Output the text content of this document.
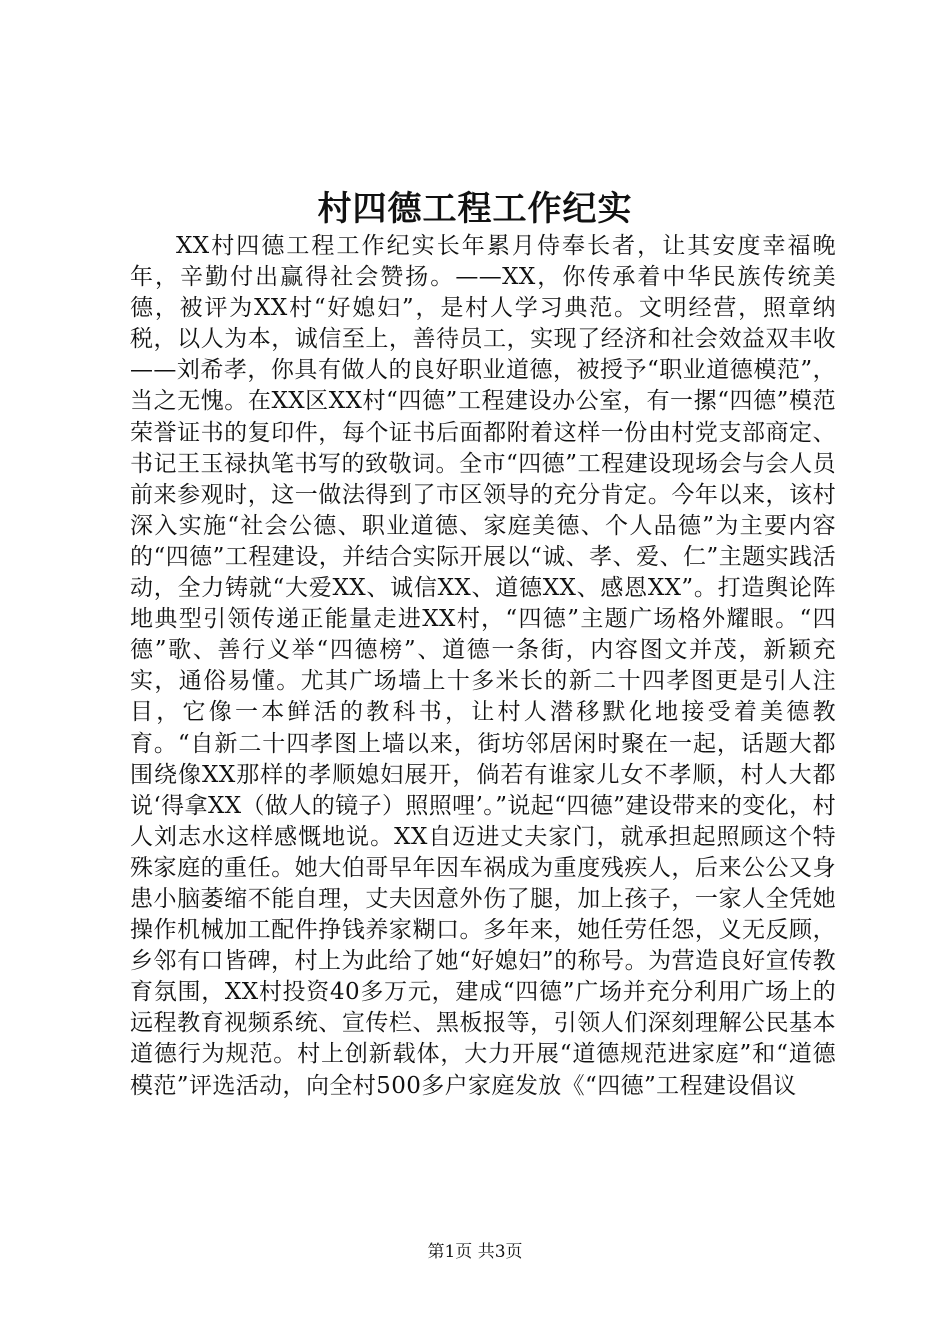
村四德工程工作纪实

XX村四德工程工作纪实长年累月侍奉长者，让其安度幸福晚年，辛勤付出赢得社会赞扬。——XX，你传承着中华民族传统美德，被评为XX村“好媳妇”，是村人学习典范。文明经营，照章纳税，以人为本，诚信至上，善待员工，实现了经济和社会效益双丰收——刘希孝，你具有做人的良好职业道德，被授予“职业道德模范”，当之无愧。在XX区XX村“四德”工程建设办公室，有一摞“四德”模范荣誉证书的复印件，每个证书后面都附着这样一份由村党支部商定、书记王玉禄执笔书写的致敬词。全市“四德”工程建设现场会与会人员前来参观时，这一做法得到了市区领导的充分肯定。今年以来，该村深入实施“社会公德、职业道德、家庭美德、个人品德”为主要内容的“四德”工程建设，并结合实际开展以“诚、孝、爱、仁”主题实践活动，全力铸就“大爱XX、诚信XX、道德XX、感恩XX”。打造舆论阵地典型引领传递正能量走进XX村，“四德”主题广场格外耀眼。“四德”歌、善行义举“四德榜”、道德一条街，内容图文并茂，新颖充实，通俗易懂。尤其广场墙上十多米长的新二十四孝图更是引人注目，它像一本鲜活的教科书，让村人潜移默化地接受着美德教育。“自新二十四孝图上墙以来，街坊邻居闲时聚在一起，话题大都围绕像XX那样的孝顺媳妇展开，倘若有谁家儿女不孝顺，村人大都说‘得拿XX（做人的镜子）照照哩’。”说起“四德”建设带来的变化，村人刘志水这样感慨地说。XX自迈进丈夫家门，就承担起照顾这个特殊家庭的重任。她大伯哥早年因车祸成为重度残疾人，后来公公又身患小脑萎缩不能自理，丈夫因意外伤了腿，加上孩子，一家人全凭她操作机械加工配件挣钱养家糊口。多年来，她任劳任怨，义无反顾，乡邻有口皆碑，村上为此给了她“好媳妇”的称号。为营造良好宣传教育氛围，XX村投资40多万元，建成“四德”广场并充分利用广场上的远程教育视频系统、宣传栏、黑板报等，引领人们深刻理解公民基本道德行为规范。村上创新载体，大力开展“道德规范进家庭”和“道德模范”评选活动，向全村500多户家庭发放《“四德”工程建设倡议

第1页 共3页
